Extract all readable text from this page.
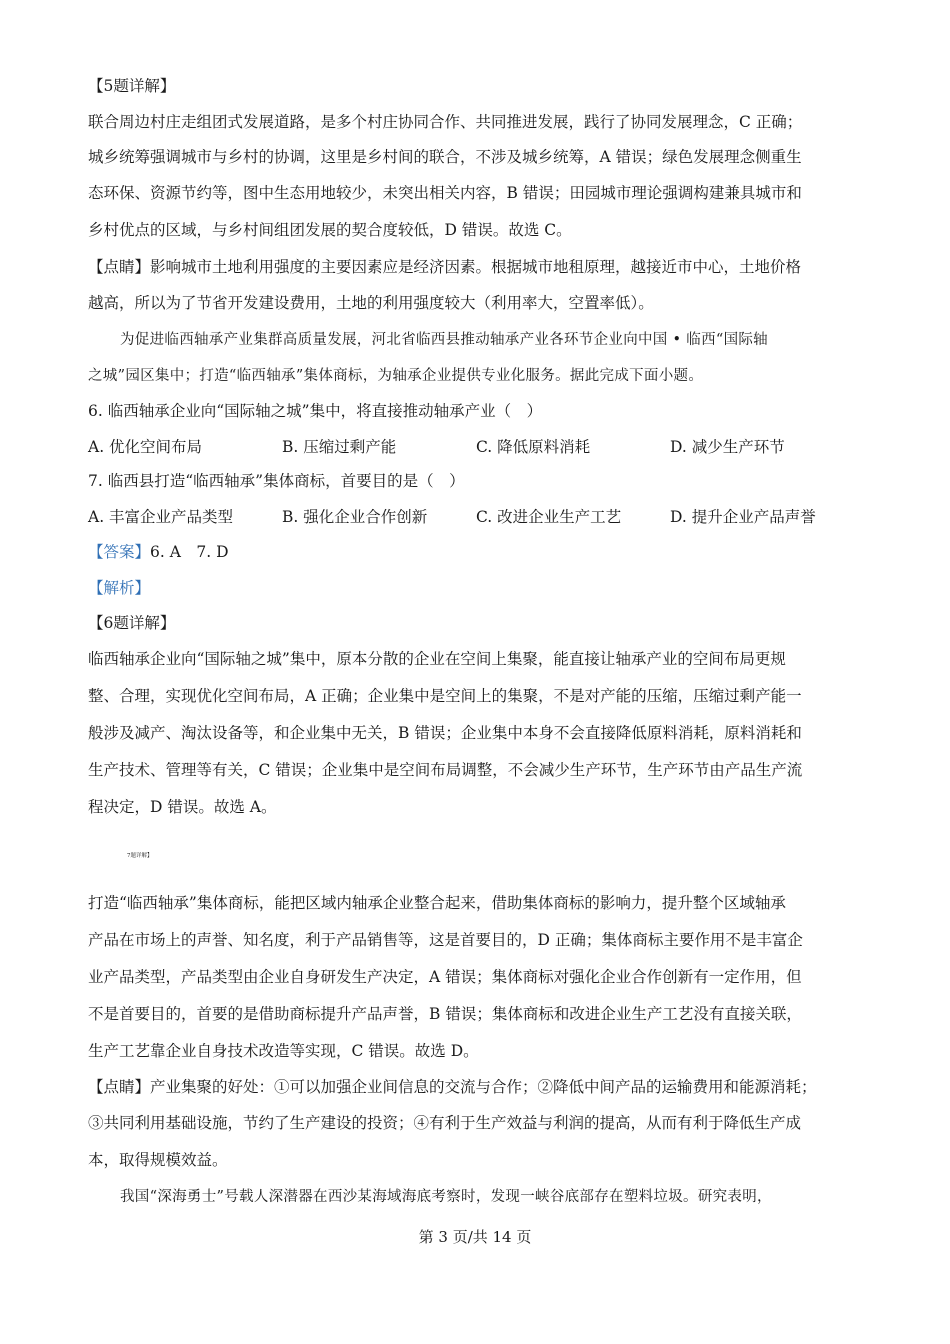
【5题详解】
联合周边村庄走组团式发展道路，是多个村庄协同合作、共同推进发展，践行了协同发展理念，C 正确；
城乡统筹强调城市与乡村的协调，这里是乡村间的联合，不涉及城乡统筹，A 错误；绿色发展理念侧重生
态环保、资源节约等，图中生态用地较少，未突出相关内容，B 错误；田园城市理论强调构建兼具城市和
乡村优点的区域，与乡村间组团发展的契合度较低，D 错误。故选 C。
【点睛】影响城市土地利用强度的主要因素应是经济因素。根据城市地租原理，越接近市中心，土地价格
越高，所以为了节省开发建设费用，土地的利用强度较大（利用率大，空置率低）。
为促进临西轴承产业集群高质量发展，河北省临西县推动轴承产业各环节企业向中国 • 临西“国际轴
之城”园区集中；打造“临西轴承”集体商标，为轴承企业提供专业化服务。据此完成下面小题。
6. 临西轴承企业向“国际轴之城”集中，将直接推动轴承产业（　）
A. 优化空间布局	B. 压缩过剩产能	C. 降低原料消耗	D. 减少生产环节
7. 临西县打造“临西轴承”集体商标，首要目的是（　）
A. 丰富企业产品类型	B. 强化企业合作创新	C. 改进企业生产工艺	D. 提升企业产品声誉
【答案】6. A　7. D
【解析】
【6题详解】
临西轴承企业向“国际轴之城”集中，原本分散的企业在空间上集聚，能直接让轴承产业的空间布局更规
整、合理，实现优化空间布局，A 正确；企业集中是空间上的集聚，不是对产能的压缩，压缩过剩产能一
般涉及减产、淘汰设备等，和企业集中无关，B 错误；企业集中本身不会直接降低原料消耗，原料消耗和
生产技术、管理等有关，C 错误；企业集中是空间布局调整，不会减少生产环节，生产环节由产品生产流
程决定，D 错误。故选 A。
7题详解】
打造“临西轴承”集体商标，能把区域内轴承企业整合起来，借助集体商标的影响力，提升整个区域轴承
产品在市场上的声誉、知名度，利于产品销售等，这是首要目的，D 正确；集体商标主要作用不是丰富企
业产品类型，产品类型由企业自身研发生产决定，A 错误；集体商标对强化企业合作创新有一定作用，但
不是首要目的，首要的是借助商标提升产品声誉，B 错误；集体商标和改进企业生产工艺没有直接关联，
生产工艺靠企业自身技术改造等实现，C 错误。故选 D。
【点睛】产业集聚的好处：①可以加强企业间信息的交流与合作；②降低中间产品的运输费用和能源消耗；
③共同利用基础设施，节约了生产建设的投资；④有利于生产效益与利润的提高，从而有利于降低生产成
本，取得规模效益。
我国“深海勇士”号载人深潜器在西沙某海域海底考察时，发现一峡谷底部存在塑料垃圾。研究表明，
第 3 页/共 14 页
